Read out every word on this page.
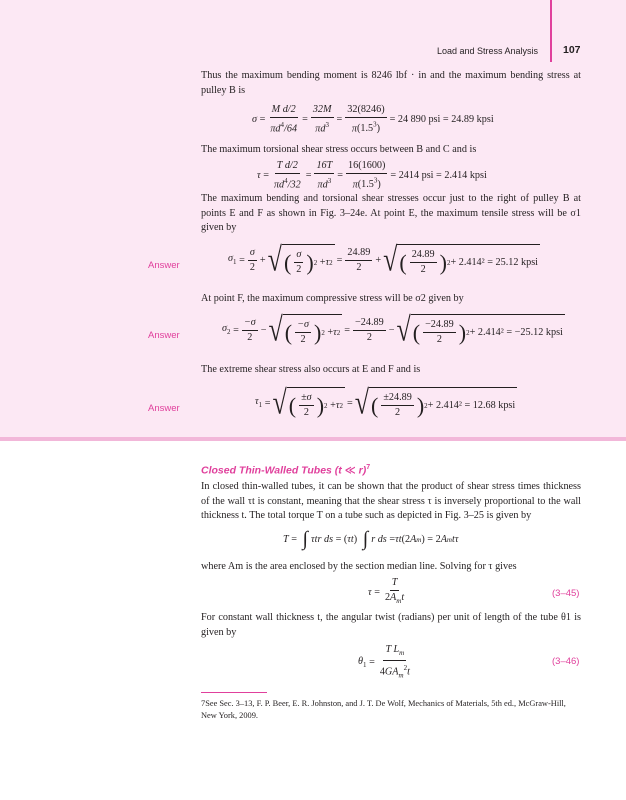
Load and Stress Analysis 107
Thus the maximum bending moment is 8246 lbf · in and the maximum bending stress at pulley B is
$\sigma = \frac{\text{M d/2}}{\pi d^4/64} = \frac{32M}{\pi d^3} = \frac{32(8246)}{\pi(1.5^3)} = 24$ 890 psi = 24.89 kpsi
The maximum torsional shear stress occurs between B and C and is
$\tau = \frac{\text{T d/2}}{\pi d^4/32} = \frac{16T}{\pi d^3} = \frac{16(1600)}{\pi(1.5^3)} = 2414$ psi = 2.414 kpsi
The maximum bending and torsional shear stresses occur just to the right of pulley B at points E and F as shown in Fig. 3–24e. At point E, the maximum tensile stress will be σ1 given by
Answer
$\sigma_1 = \frac{\sigma}{2}$ + √ ( $\frac{\sigma}{2}$ ) 2 + τ $2 = \frac{24.89}{2}$ + √ ( $\frac{24.89}{2}$ ) 2 + 2.414² = 25.12 kpsi
At point F, the maximum compressive stress will be σ2 given by
Answer
$\sigma_2 = \frac{-\sigma}{2}$ − √ ( $\frac{-\sigma}{2}$ ) 2 + τ $2 = \frac{-24.89}{2}$ − √ ( $\frac{-24.89}{2}$ ) 2 + 2.414² = −25.12 kpsi
The extreme shear stress also occurs at E and F and is
Answer
$\tau_1$ = √ ( $\frac{\pm\sigma}{2}$ ) 2 + τ 2 = √ ( $\frac{\pm 24.89}{2}$ ) 2 + 2.414² = 12.68 kpsi
Closed Thin-Walled Tubes (t ≪ r)$^7$
In closed thin-walled tubes, it can be shown that the product of shear stress times thickness of the wall τt is constant, meaning that the shear stress τ is inversely proportional to the wall thickness t. The total torque T on a tube such as depicted in Fig. 3–25 is given by
T = ∫ τtr ds = ( τt ) ∫ r ds = τt (2 A m ) = 2 A m tτ
where Am is the area enclosed by the section median line. Solving for τ gives
$\tau = \frac{T}{2A_mt}$	(3–45)
For constant wall thickness t, the angular twist (radians) per unit of length of the tube θ1 is given by
$\theta_1 = \frac{T L_m}{4GA_m^2t}$	(3–46)
7See Sec. 3–13, F. P. Beer, E. R. Johnston, and J. T. De Wolf, Mechanics of Materials, 5th ed., McGraw-Hill, New York, 2009.
